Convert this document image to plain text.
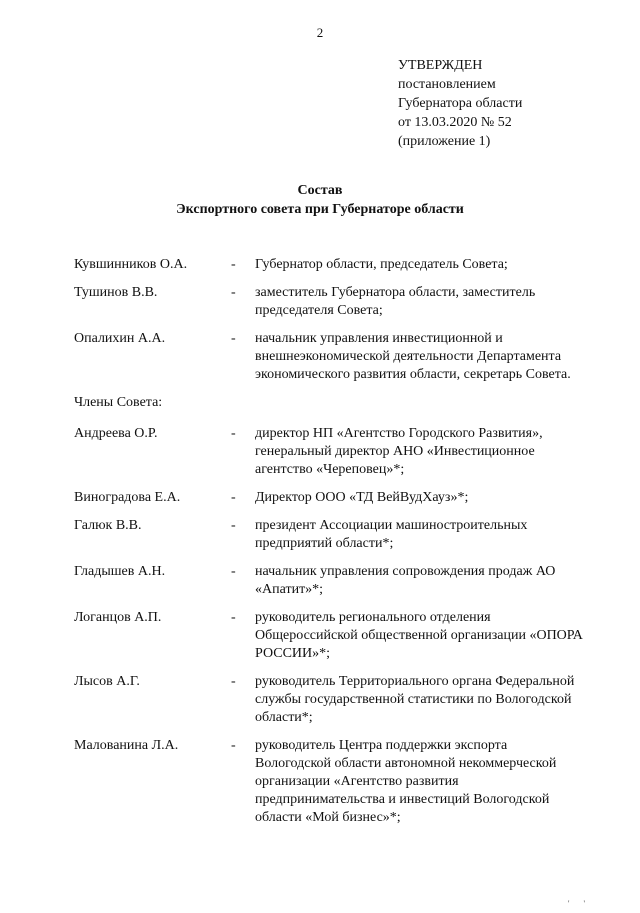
2
УТВЕРЖДЕН
постановлением
Губернатора области
от 13.03.2020 № 52
(приложение 1)
Состав
Экспортного совета при Губернаторе области
Кувшинников О.А.	-	Губернатор области, председатель Совета;
Тушинов В.В.	-	заместитель Губернатора области, заместитель председателя Совета;
Опалихин А.А.	-	начальник управления инвестиционной и внешнеэкономической деятельности Департамента экономического развития области, секретарь Совета.
Члены Совета:
Андреева О.Р.	-	директор НП «Агентство Городского Развития», генеральный директор АНО «Инвестиционное агентство «Череповец»*;
Виноградова Е.А.	-	Директор ООО «ТД ВейВудХауз»*;
Галюк В.В.	-	президент Ассоциации машиностроительных предприятий области*;
Гладышев А.Н.	-	начальник управления сопровождения продаж АО «Апатит»*;
Логанцов А.П.	-	руководитель регионального отделения Общероссийской общественной организации «ОПОРА РОССИИ»*;
Лысов А.Г.	-	руководитель Территориального органа Федеральной службы государственной статистики по Вологодской области*;
Малованина Л.А.	-	руководитель Центра поддержки экспорта Вологодской области автономной некоммерческой организации «Агентство развития предпринимательства и инвестиций Вологодской области «Мой бизнес»*;
' '
